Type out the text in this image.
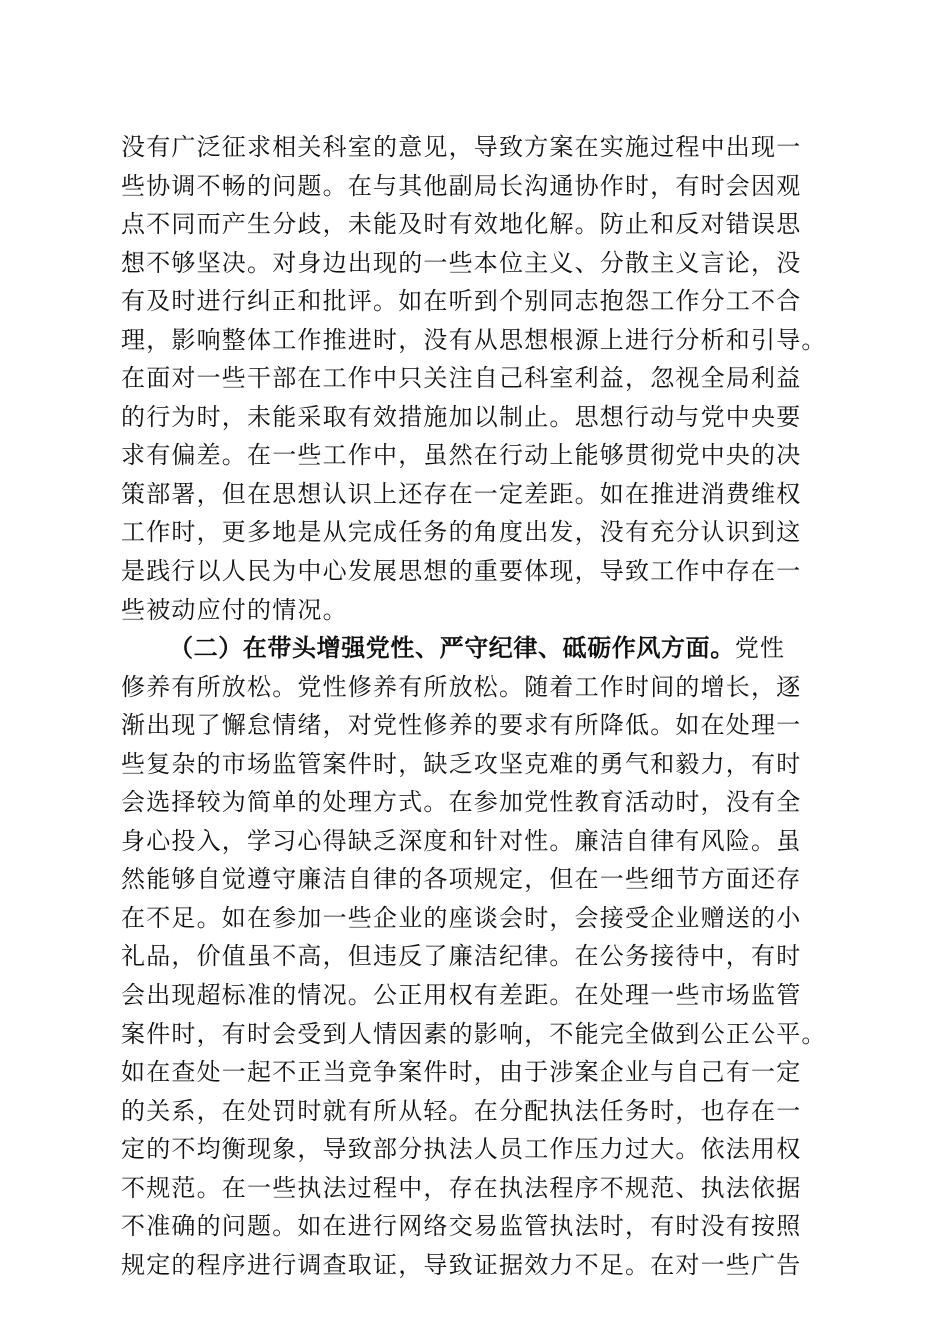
没有广泛征求相关科室的意见，导致方案在实施过程中出现一
些协调不畅的问题。在与其他副局长沟通协作时，有时会因观
点不同而产生分歧，未能及时有效地化解。防止和反对错误思
想不够坚决。对身边出现的一些本位主义、分散主义言论，没
有及时进行纠正和批评。如在听到个别同志抱怨工作分工不合
理，影响整体工作推进时，没有从思想根源上进行分析和引导。
在面对一些干部在工作中只关注自己科室利益，忽视全局利益
的行为时，未能采取有效措施加以制止。思想行动与党中央要
求有偏差。在一些工作中，虽然在行动上能够贯彻党中央的决
策部署，但在思想认识上还存在一定差距。如在推进消费维权
工作时，更多地是从完成任务的角度出发，没有充分认识到这
是践行以人民为中心发展思想的重要体现，导致工作中存在一
些被动应付的情况。
（二）在带头增强党性、严守纪律、砥砺作风方面。党性
修养有所放松。党性修养有所放松。随着工作时间的增长，逐
渐出现了懈怠情绪，对党性修养的要求有所降低。如在处理一
些复杂的市场监管案件时，缺乏攻坚克难的勇气和毅力，有时
会选择较为简单的处理方式。在参加党性教育活动时，没有全
身心投入，学习心得缺乏深度和针对性。廉洁自律有风险。虽
然能够自觉遵守廉洁自律的各项规定，但在一些细节方面还存
在不足。如在参加一些企业的座谈会时，会接受企业赠送的小
礼品，价值虽不高，但违反了廉洁纪律。在公务接待中，有时
会出现超标准的情况。公正用权有差距。在处理一些市场监管
案件时，有时会受到人情因素的影响，不能完全做到公正公平。
如在查处一起不正当竞争案件时，由于涉案企业与自己有一定
的关系，在处罚时就有所从轻。在分配执法任务时，也存在一
定的不均衡现象，导致部分执法人员工作压力过大。依法用权
不规范。在一些执法过程中，存在执法程序不规范、执法依据
不准确的问题。如在进行网络交易监管执法时，有时没有按照
规定的程序进行调查取证，导致证据效力不足。在对一些广告
